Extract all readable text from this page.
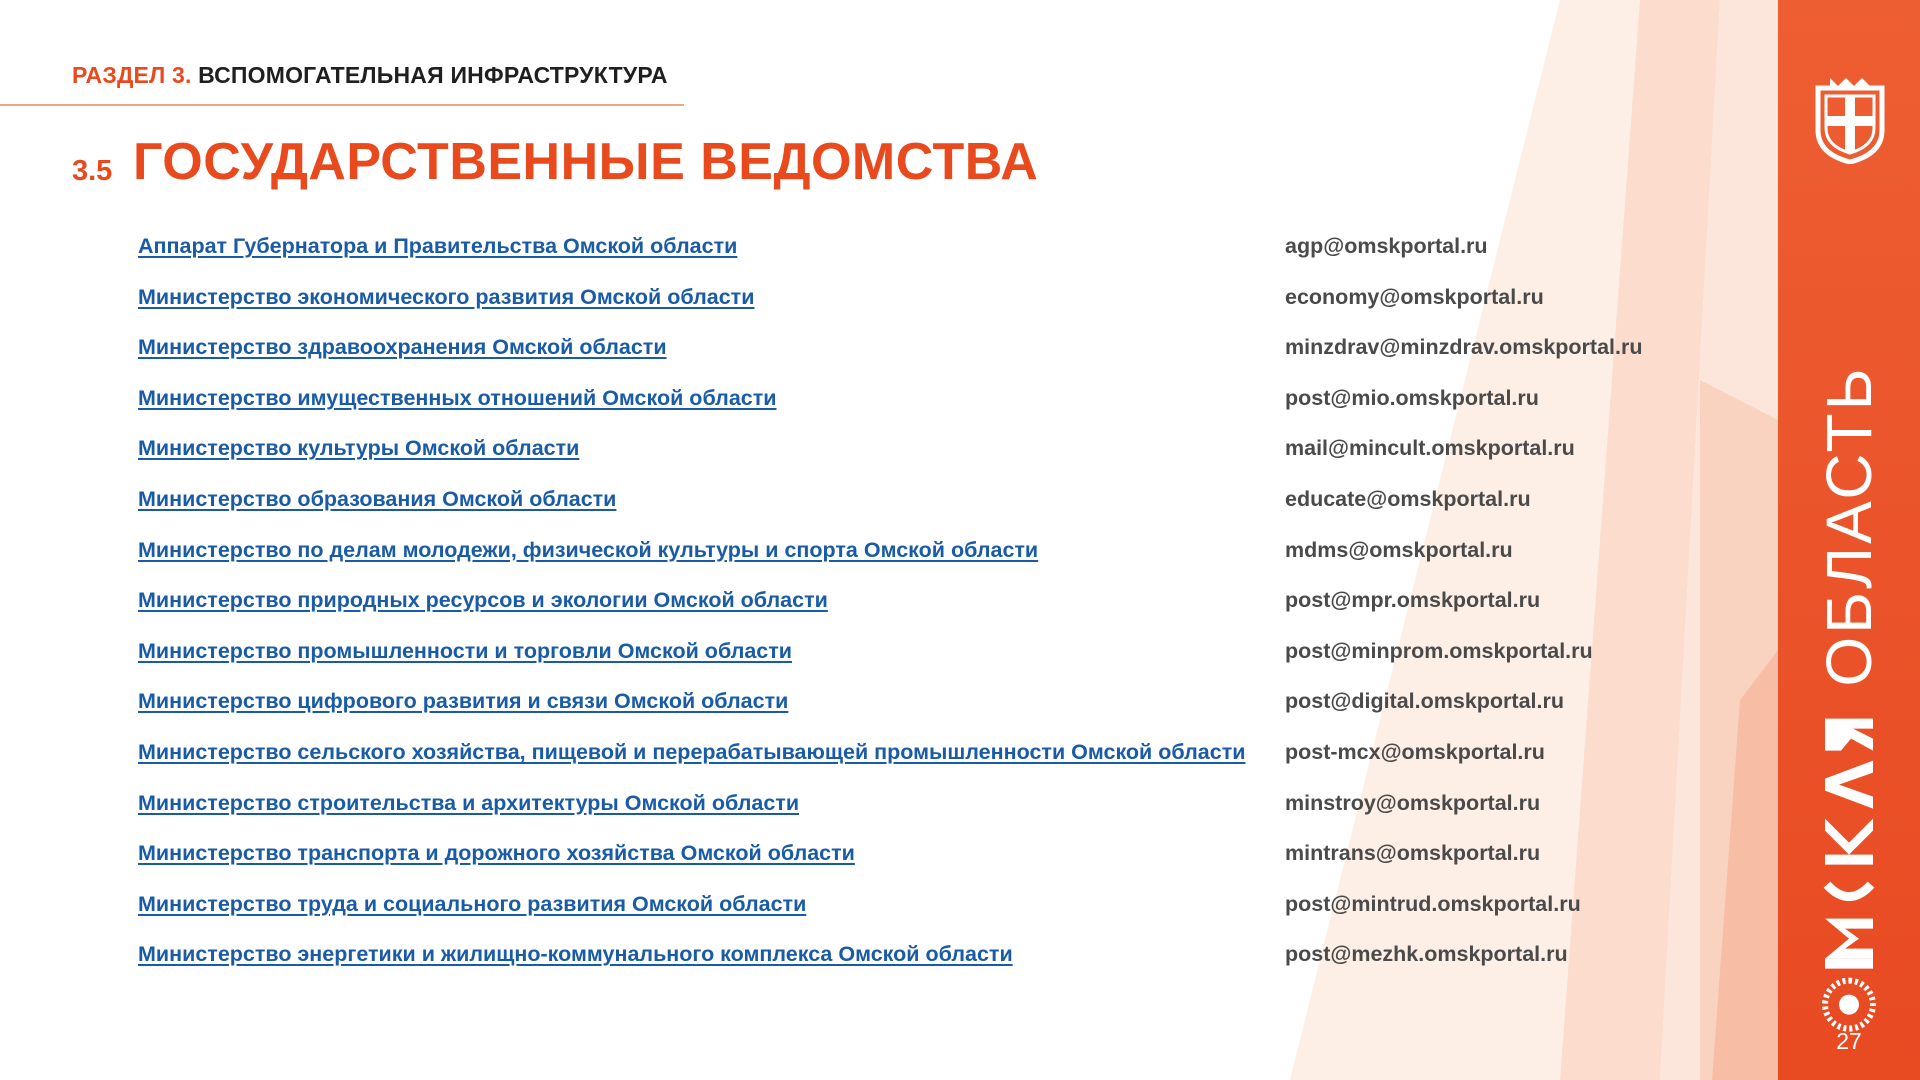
РАЗДЕЛ 3. ВСПОМОГАТЕЛЬНАЯ ИНФРАСТРУКТУРА
3.5 ГОСУДАРСТВЕННЫЕ ВЕДОМСТВА
Аппарат Губернатора и Правительства Омской области	agp@omskportal.ru
Министерство экономического развития Омской области	economy@omskportal.ru
Министерство здравоохранения Омской области	minzdrav@minzdrav.omskportal.ru
Министерство имущественных отношений Омской области	post@mio.omskportal.ru
Министерство культуры Омской области	mail@mincult.omskportal.ru
Министерство образования Омской области	educate@omskportal.ru
Министерство по делам молодежи, физической культуры и спорта Омской области	mdms@omskportal.ru
Министерство природных ресурсов и экологии Омской области	post@mpr.omskportal.ru
Министерство промышленности и торговли Омской области	post@minprom.omskportal.ru
Министерство цифрового развития и связи Омской области	post@digital.omskportal.ru
Министерство сельского хозяйства, пищевой и перерабатывающей промышленности Омской области post-mcx@omskportal.ru
Министерство строительства и архитектуры Омской области	minstroy@omskportal.ru
Министерство транспорта и дорожного хозяйства Омской области	mintrans@omskportal.ru
Министерство труда и социального развития Омской области	post@mintrud.omskportal.ru
Министерство энергетики и жилищно-коммунального комплекса Омской области	post@mezhk.omskportal.ru
ОБЛАСТЬ
27
